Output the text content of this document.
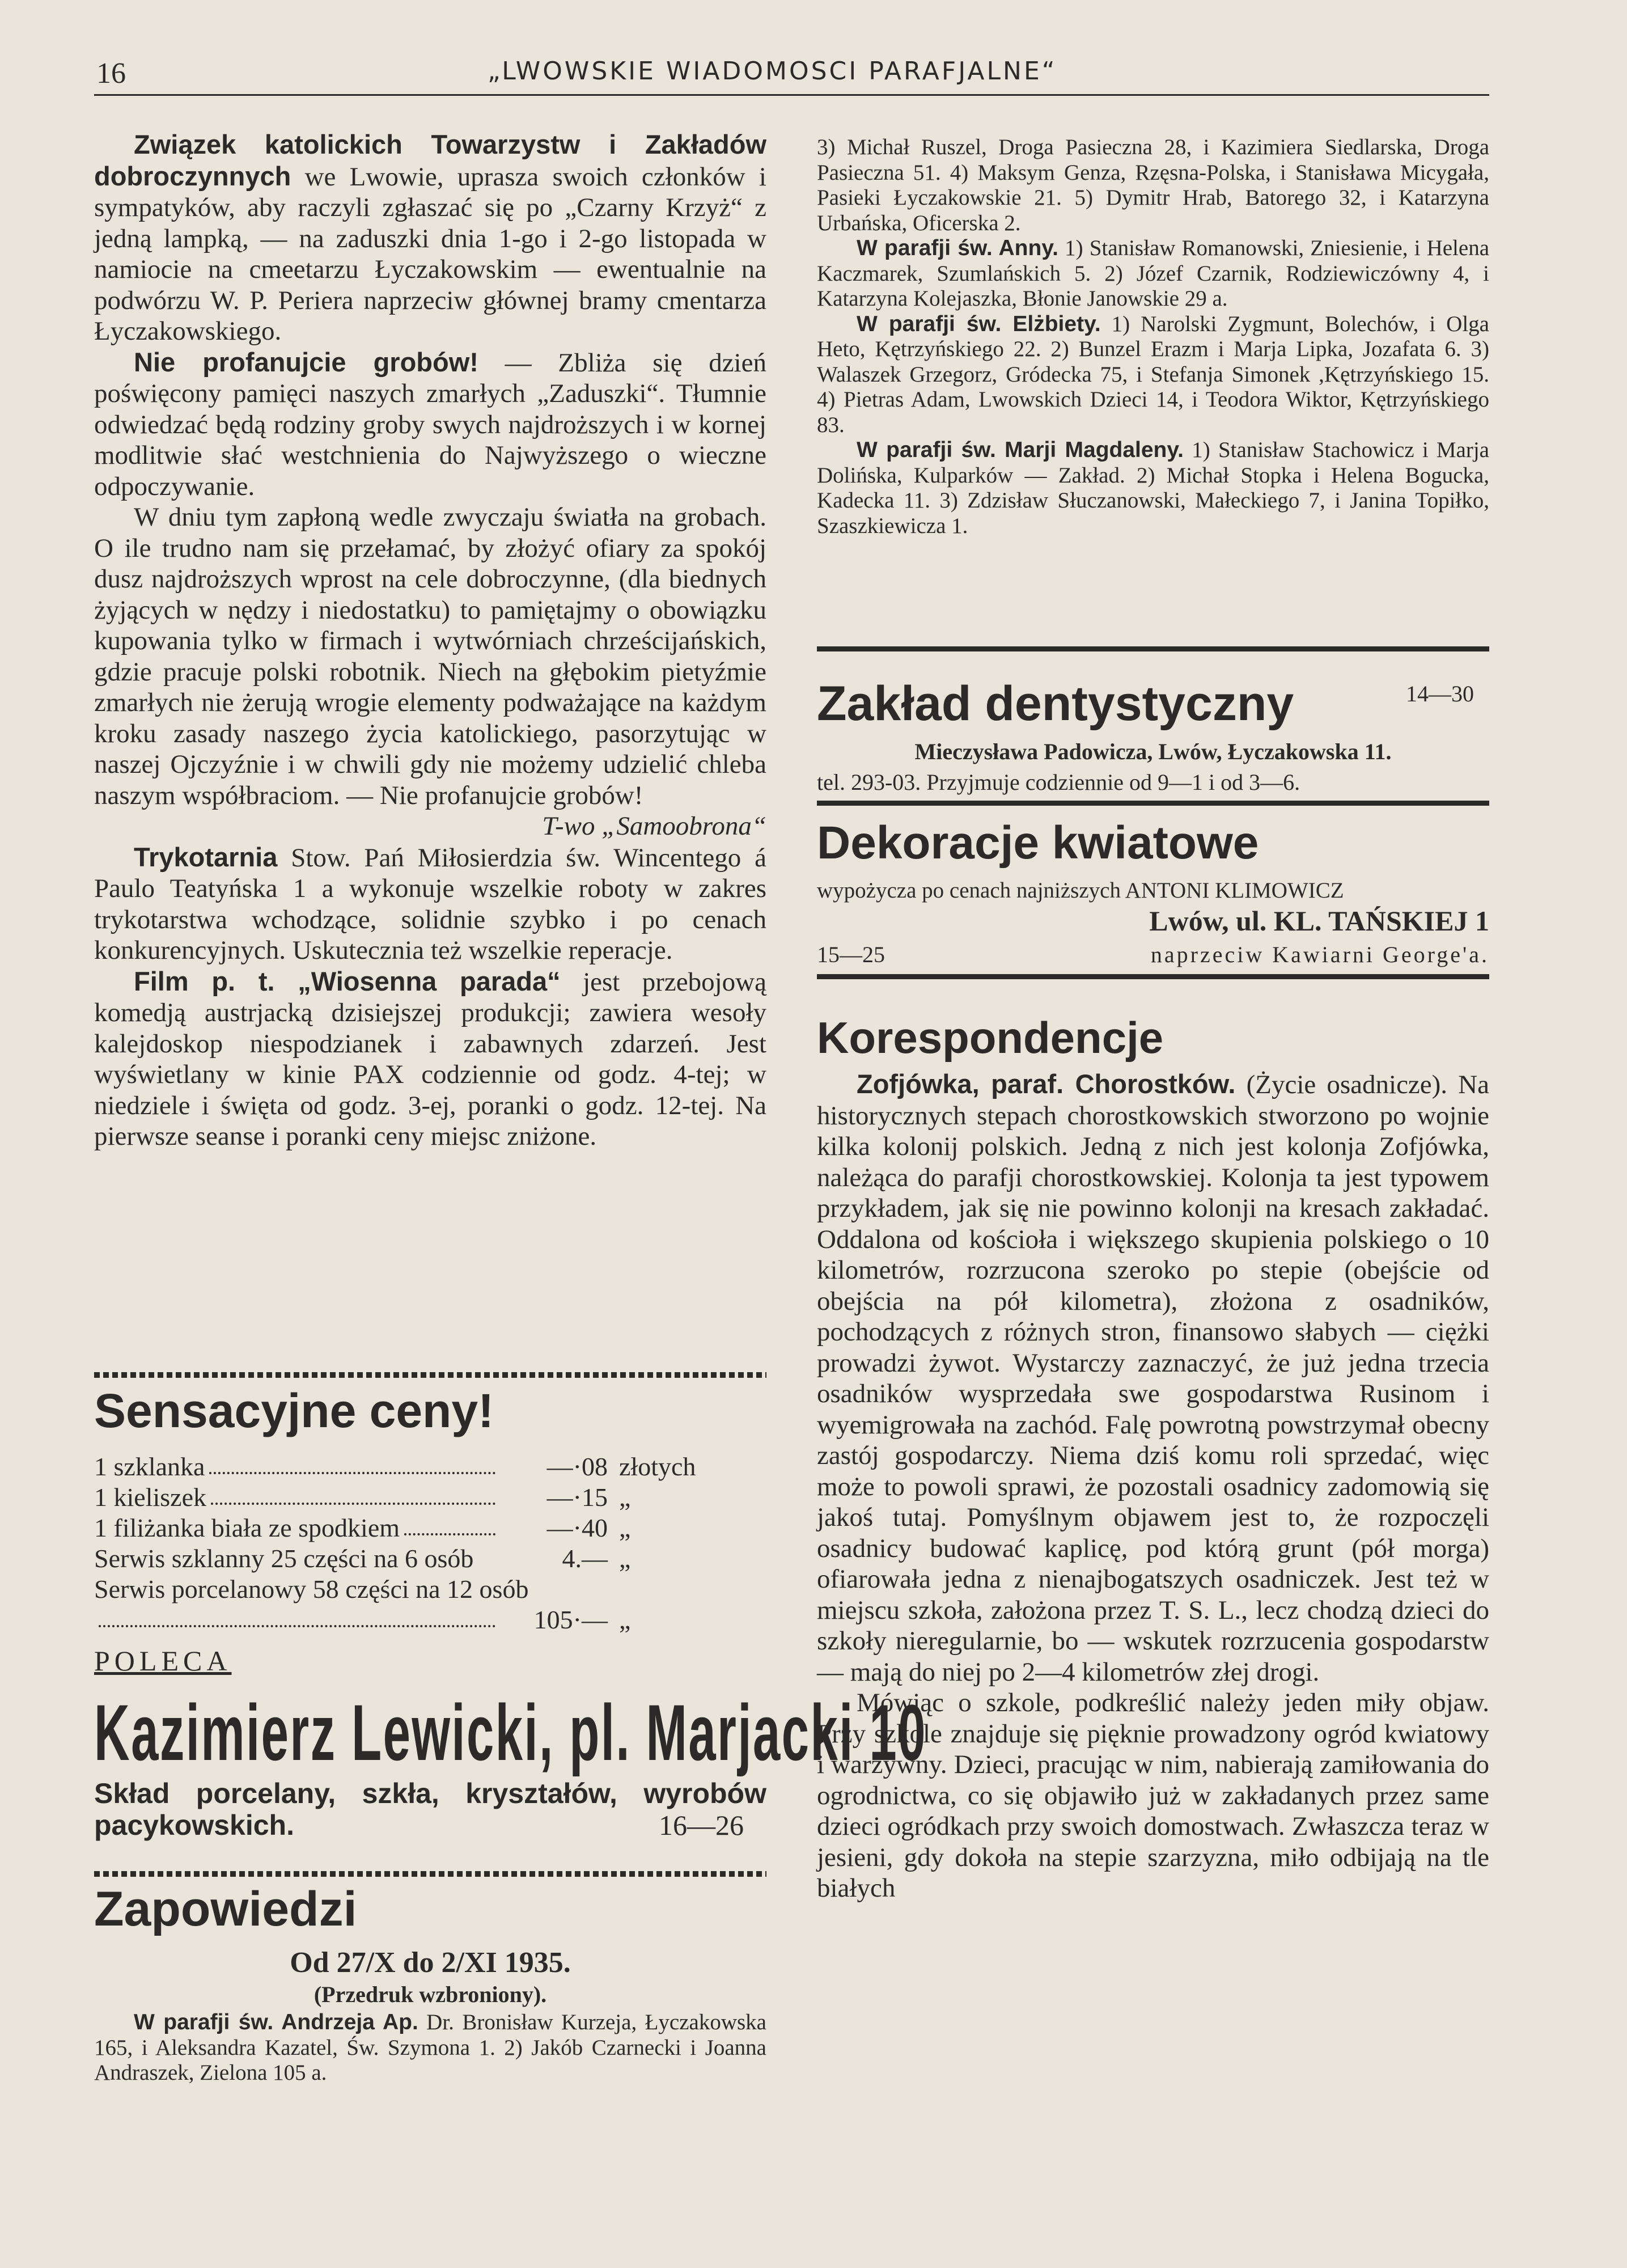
16	„LWOWSKIE WIADOMOSCI PARAFJALNE“

Związek katolickich Towarzystw i Zakładów dobroczynnych we Lwowie, uprasza swoich członków i sympatyków, aby raczyli zgłaszać się po „Czarny Krzyż“ z jedną lampką, — na zaduszki dnia 1-go i 2-go listopada w namiocie na cmeetarzu Łyczakowskim — ewentualnie na podwórzu W. P. Periera naprzeciw głównej bramy cmentarza Łyczakowskiego.

Nie profanujcie grobów! — Zbliża się dzień poświęcony pamięci naszych zmarłych „Zaduszki“. Tłumnie odwiedzać będą rodziny groby swych najdroższych i w kornej modlitwie słać westchnienia do Najwyższego o wieczne odpoczywanie.

W dniu tym zapłoną wedle zwyczaju światła na grobach. O ile trudno nam się przełamać, by złożyć ofiary za spokój dusz najdroższych wprost na cele dobroczynne, (dla biednych żyjących w nędzy i niedostatku) to pamiętajmy o obowiązku kupowania tylko w firmach i wytwórniach chrześcijańskich, gdzie pracuje polski robotnik. Niech na głębokim pietyźmie zmarłych nie żerują wrogie elementy podważające na każdym kroku zasady naszego życia katolickiego, pasorzytując w naszej Ojczyźnie i w chwili gdy nie możemy udzielić chleba naszym współbraciom. — Nie profanujcie grobów!
T-wo „Samoobrona“

Trykotarnia Stow. Pań Miłosierdzia św. Wincentego á Paulo Teatyńska 1 a wykonuje wszelkie roboty w zakres trykotarstwa wchodzące, solidnie szybko i po cenach konkurencyjnych. Uskutecznia też wszelkie reperacje.

Film p. t. „Wiosenna parada“ jest przebojową komedją austrjacką dzisiejszej produkcji; zawiera wesoły kalejdoskop niespodzianek i zabawnych zdarzeń. Jest wyświetlany w kinie PAX codziennie od godz. 4-tej; w niedziele i święta od godz. 3-ej, poranki o godz. 12-tej. Na pierwsze seanse i poranki ceny miejsc zniżone.

Sensacyjne ceny!
1 szklanka	—·08 złotych
1 kieliszek	—·15 „
1 filiżanka biała ze spodkiem	—·40 „
Serwis szklanny 25 części na 6 osób	4.— „
Serwis porcelanowy 58 części na 12 osób
105·— „
POLECA
Kazimierz Lewicki, pl. Marjacki 10
Skład porcelany, szkła, kryształów, wyrobów pacykowskich.	16—26
Zapowiedzi
Od 27/X do 2/XI 1935.
(Przedruk wzbroniony).

W parafji św. Andrzeja Ap. Dr. Bronisław Kurzeja, Łyczakowska 165, i Aleksandra Kazatel, Św. Szymona 1. 2) Jakób Czarnecki i Joanna Andraszek, Zielona 105 a.

3) Michał Ruszel, Droga Pasieczna 28, i Kazimiera Siedlarska, Droga Pasieczna 51. 4) Maksym Genza, Rzęsna-Polska, i Stanisława Micygała, Pasieki Łyczakowskie 21. 5) Dymitr Hrab, Batorego 32, i Katarzyna Urbańska, Oficerska 2.

W parafji św. Anny. 1) Stanisław Romanowski, Zniesienie, i Helena Kaczmarek, Szumlańskich 5. 2) Józef Czarnik, Rodziewiczówny 4, i Katarzyna Kolejaszka, Błonie Janowskie 29 a.

W parafji św. Elżbiety. 1) Narolski Zygmunt, Bolechów, i Olga Heto, Kętrzyńskiego 22. 2) Bunzel Erazm i Marja Lipka, Jozafata 6. 3) Walaszek Grzegorz, Gródecka 75, i Stefanja Simonek ,Kętrzyńskiego 15. 4) Pietras Adam, Lwowskich Dzieci 14, i Teodora Wiktor, Kętrzyńskiego 83.

W parafji św. Marji Magdaleny. 1) Stanisław Stachowicz i Marja Dolińska, Kulparków — Zakład. 2) Michał Stopka i Helena Bogucka, Kadecka 11. 3) Zdzisław Słuczanowski, Małeckiego 7, i Janina Topiłko, Szaszkiewicza 1.

Zakład dentystyczny	14—30
Mieczysława Padowicza, Lwów, Łyczakowska 11.
tel. 293-03. Przyjmuje codziennie od 9—1 i od 3—6.
Dekoracje kwiatowe
wypożycza po cenach najniższych ANTONI KLIMOWICZ
Lwów, ul. KL. TAŃSKIEJ 1
15—25	naprzeciw Kawiarni George'a.
Korespondencje

Zofjówka, paraf. Chorostków. (Życie osadnicze). Na historycznych stepach chorostkowskich stworzono po wojnie kilka kolonij polskich. Jedną z nich jest kolonja Zofjówka, należąca do parafji chorostkowskiej. Kolonja ta jest typowem przykładem, jak się nie powinno kolonji na kresach zakładać. Oddalona od kościoła i większego skupienia polskiego o 10 kilometrów, rozrzucona szeroko po stepie (obejście od obejścia na pół kilometra), złożona z osadników, pochodzących z różnych stron, finansowo słabych — ciężki prowadzi żywot. Wystarczy zaznaczyć, że już jedna trzecia osadników wysprzedała swe gospodarstwa Rusinom i wyemigrowała na zachód. Falę powrotną powstrzymał obecny zastój gospodarczy. Niema dziś komu roli sprzedać, więc może to powoli sprawi, że pozostali osadnicy zadomowią się jakoś tutaj. Pomyślnym objawem jest to, że rozpoczęli osadnicy budować kaplicę, pod którą grunt (pół morga) ofiarowała jedna z nienajbogatszych osadniczek. Jest też w miejscu szkoła, założona przez T. S. L., lecz chodzą dzieci do szkoły nieregularnie, bo — wskutek rozrzucenia gospodarstw — mają do niej po 2—4 kilometrów złej drogi.

Mówiąc o szkole, podkreślić należy jeden miły objaw. Przy szkole znajduje się pięknie prowadzony ogród kwiatowy i warzywny. Dzieci, pracując w nim, nabierają zamiłowania do ogrodnictwa, co się objawiło już w zakładanych przez same dzieci ogródkach przy swoich domostwach. Zwłaszcza teraz w jesieni, gdy dokoła na stepie szarzyzna, miło odbijają na tle białych
